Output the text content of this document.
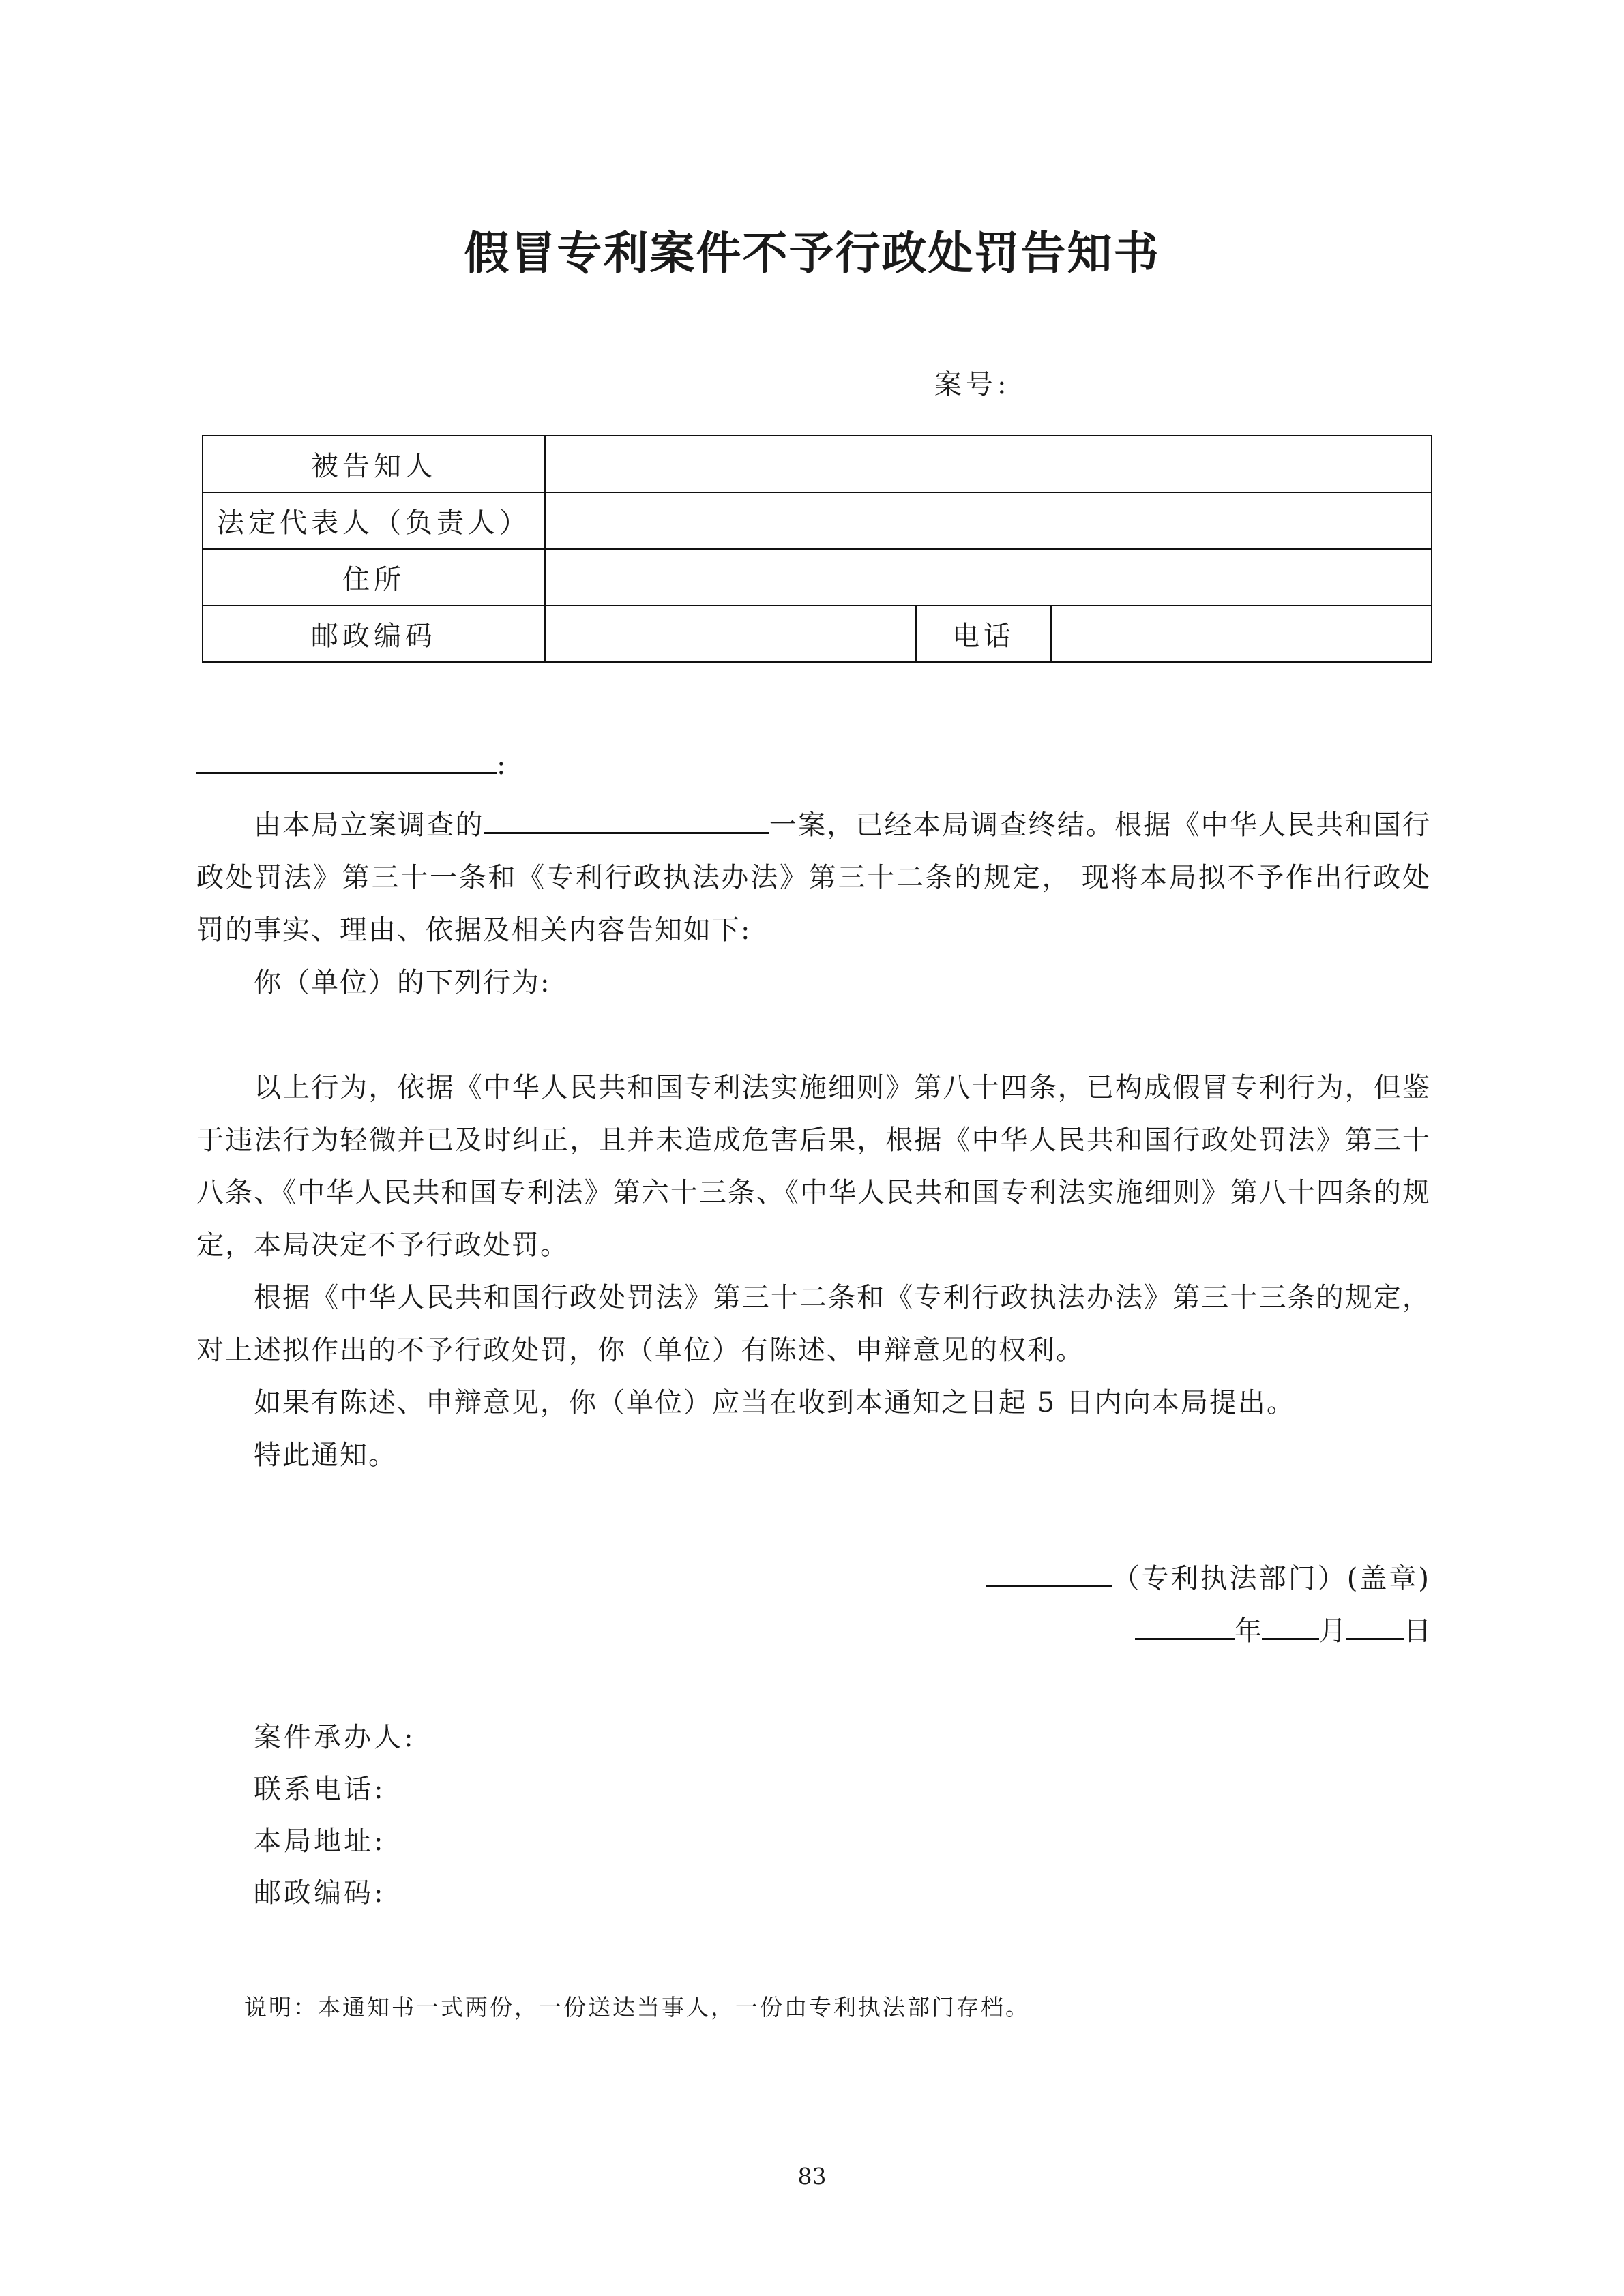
假冒专利案件不予行政处罚告知书
案号:
被告知人			
法定代表人（负责人）			
住所			
邮政编码		电话	
:

由本局立案调查的	一案，已经本局调查终结。根据《中华人民共和国行政处罚法》第三十一条和《专利行政执法办法》第三十二条的规定， 现将本局拟不予作出行政处罚的事实、理由、依据及相关内容告知如下:

你（单位）的下列行为:

以上行为，依据《中华人民共和国专利法实施细则》第八十四条，已构成假冒专利行为，但鉴于违法行为轻微并已及时纠正，且并未造成危害后果，根据《中华人民共和国行政处罚法》第三十八条、《中华人民共和国专利法》第六十三条、《中华人民共和国专利法实施细则》第八十四条的规定，本局决定不予行政处罚。

根据《中华人民共和国行政处罚法》第三十二条和《专利行政执法办法》第三十三条的规定，对上述拟作出的不予行政处罚，你（单位）有陈述、申辩意见的权利。

如果有陈述、申辩意见，你（单位）应当在收到本通知之日起 5 日内向本局提出。

特此通知。

（专利执法部门）(盖章)
年 月 日
案件承办人:
联系电话:
本局地址:
邮政编码:
说明：本通知书一式两份，一份送达当事人，一份由专利执法部门存档。
83
